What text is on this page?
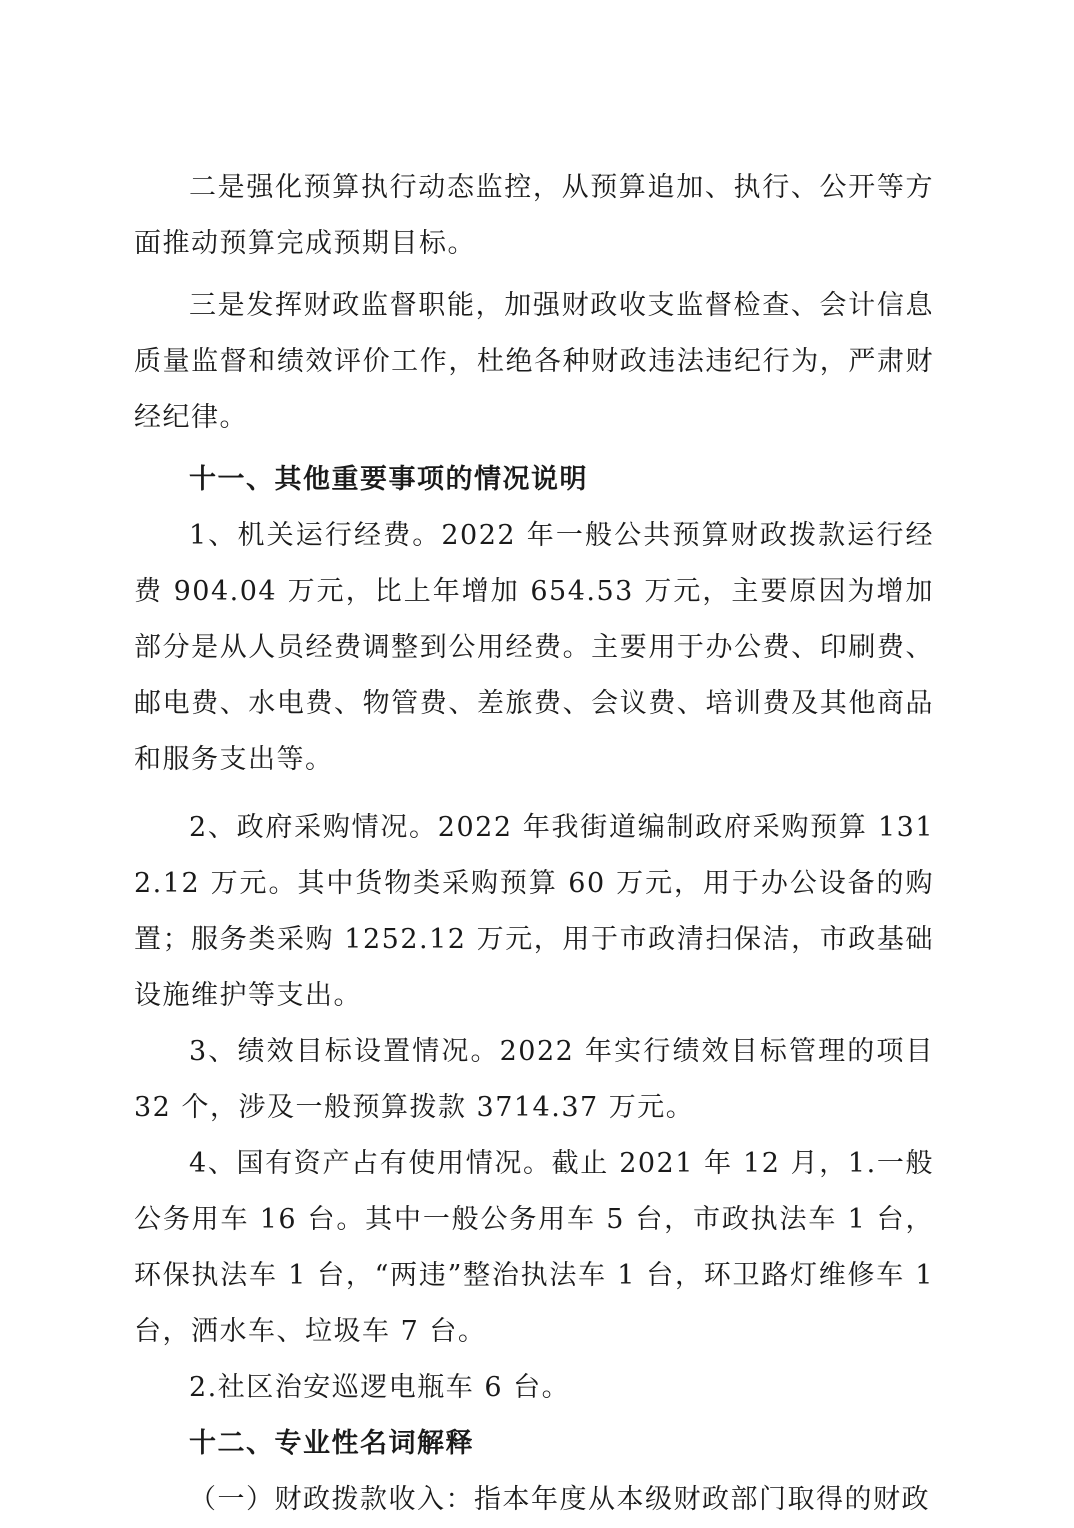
二是强化预算执行动态监控，从预算追加、执行、公开等方面推动预算完成预期目标。

三是发挥财政监督职能，加强财政收支监督检查、会计信息质量监督和绩效评价工作，杜绝各种财政违法违纪行为，严肃财经纪律。

十一、其他重要事项的情况说明

1、机关运行经费。2022 年一般公共预算财政拨款运行经费 904.04 万元，比上年增加 654.53 万元，主要原因为增加部分是从人员经费调整到公用经费。主要用于办公费、印刷费、邮电费、水电费、物管费、差旅费、会议费、培训费及其他商品和服务支出等。

2、政府采购情况。2022 年我街道编制政府采购预算 1312.12 万元。其中货物类采购预算 60 万元，用于办公设备的购置；服务类采购 1252.12 万元，用于市政清扫保洁，市政基础设施维护等支出。

3、绩效目标设置情况。2022 年实行绩效目标管理的项目 32 个，涉及一般预算拨款 3714.37 万元。

4、国有资产占有使用情况。截止 2021 年 12 月，1.一般公务用车 16 台。其中一般公务用车 5 台，市政执法车 1 台，环保执法车 1 台，“两违”整治执法车 1 台，环卫路灯维修车 1 台，洒水车、垃圾车 7 台。

2.社区治安巡逻电瓶车 6 台。

十二、专业性名词解释

（一）财政拨款收入：指本年度从本级财政部门取得的财政
